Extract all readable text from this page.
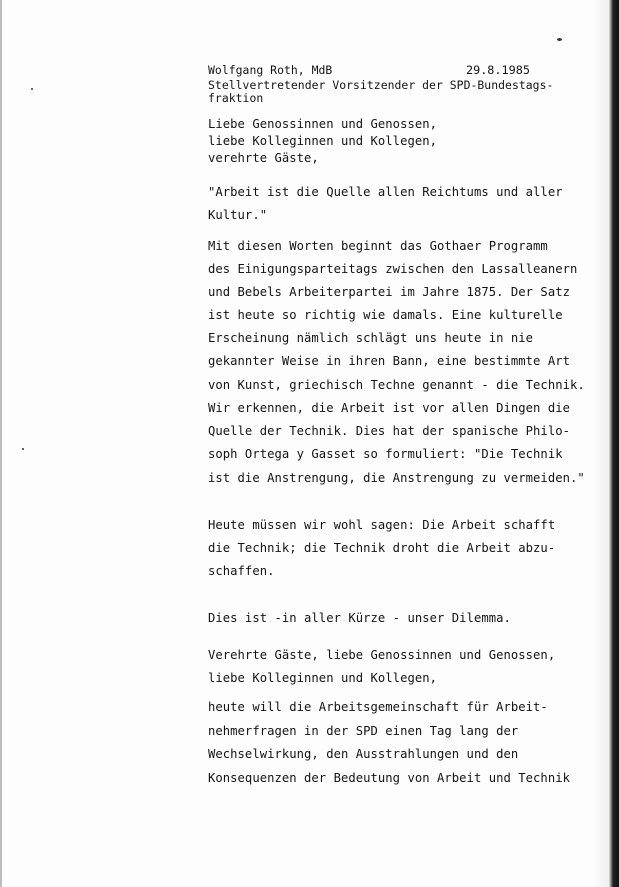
Wolfgang Roth, MdB	29.8.1985
Stellvertretender Vorsitzender der SPD-Bundestags-
fraktion
Liebe Genossinnen und Genossen,
liebe Kolleginnen und Kollegen,
verehrte Gäste,
"Arbeit ist die Quelle allen Reichtums und aller
Kultur."
Mit diesen Worten beginnt das Gothaer Programm
des Einigungsparteitags zwischen den Lassalleanern
und Bebels Arbeiterpartei im Jahre 1875. Der Satz
ist heute so richtig wie damals. Eine kulturelle
Erscheinung nämlich schlägt uns heute in nie
gekannter Weise in ihren Bann, eine bestimmte Art
von Kunst, griechisch Techne genannt - die Technik.
Wir erkennen, die Arbeit ist vor allen Dingen die
Quelle der Technik. Dies hat der spanische Philo-
soph Ortega y Gasset so formuliert: "Die Technik
ist die Anstrengung, die Anstrengung zu vermeiden."
Heute müssen wir wohl sagen: Die Arbeit schafft
die Technik; die Technik droht die Arbeit abzu-
schaffen.
Dies ist -in aller Kürze - unser Dilemma.
Verehrte Gäste, liebe Genossinnen und Genossen,
liebe Kolleginnen und Kollegen,
heute will die Arbeitsgemeinschaft für Arbeit-
nehmerfragen in der SPD einen Tag lang der
Wechselwirkung, den Ausstrahlungen und den
Konsequenzen der Bedeutung von Arbeit und Technik
